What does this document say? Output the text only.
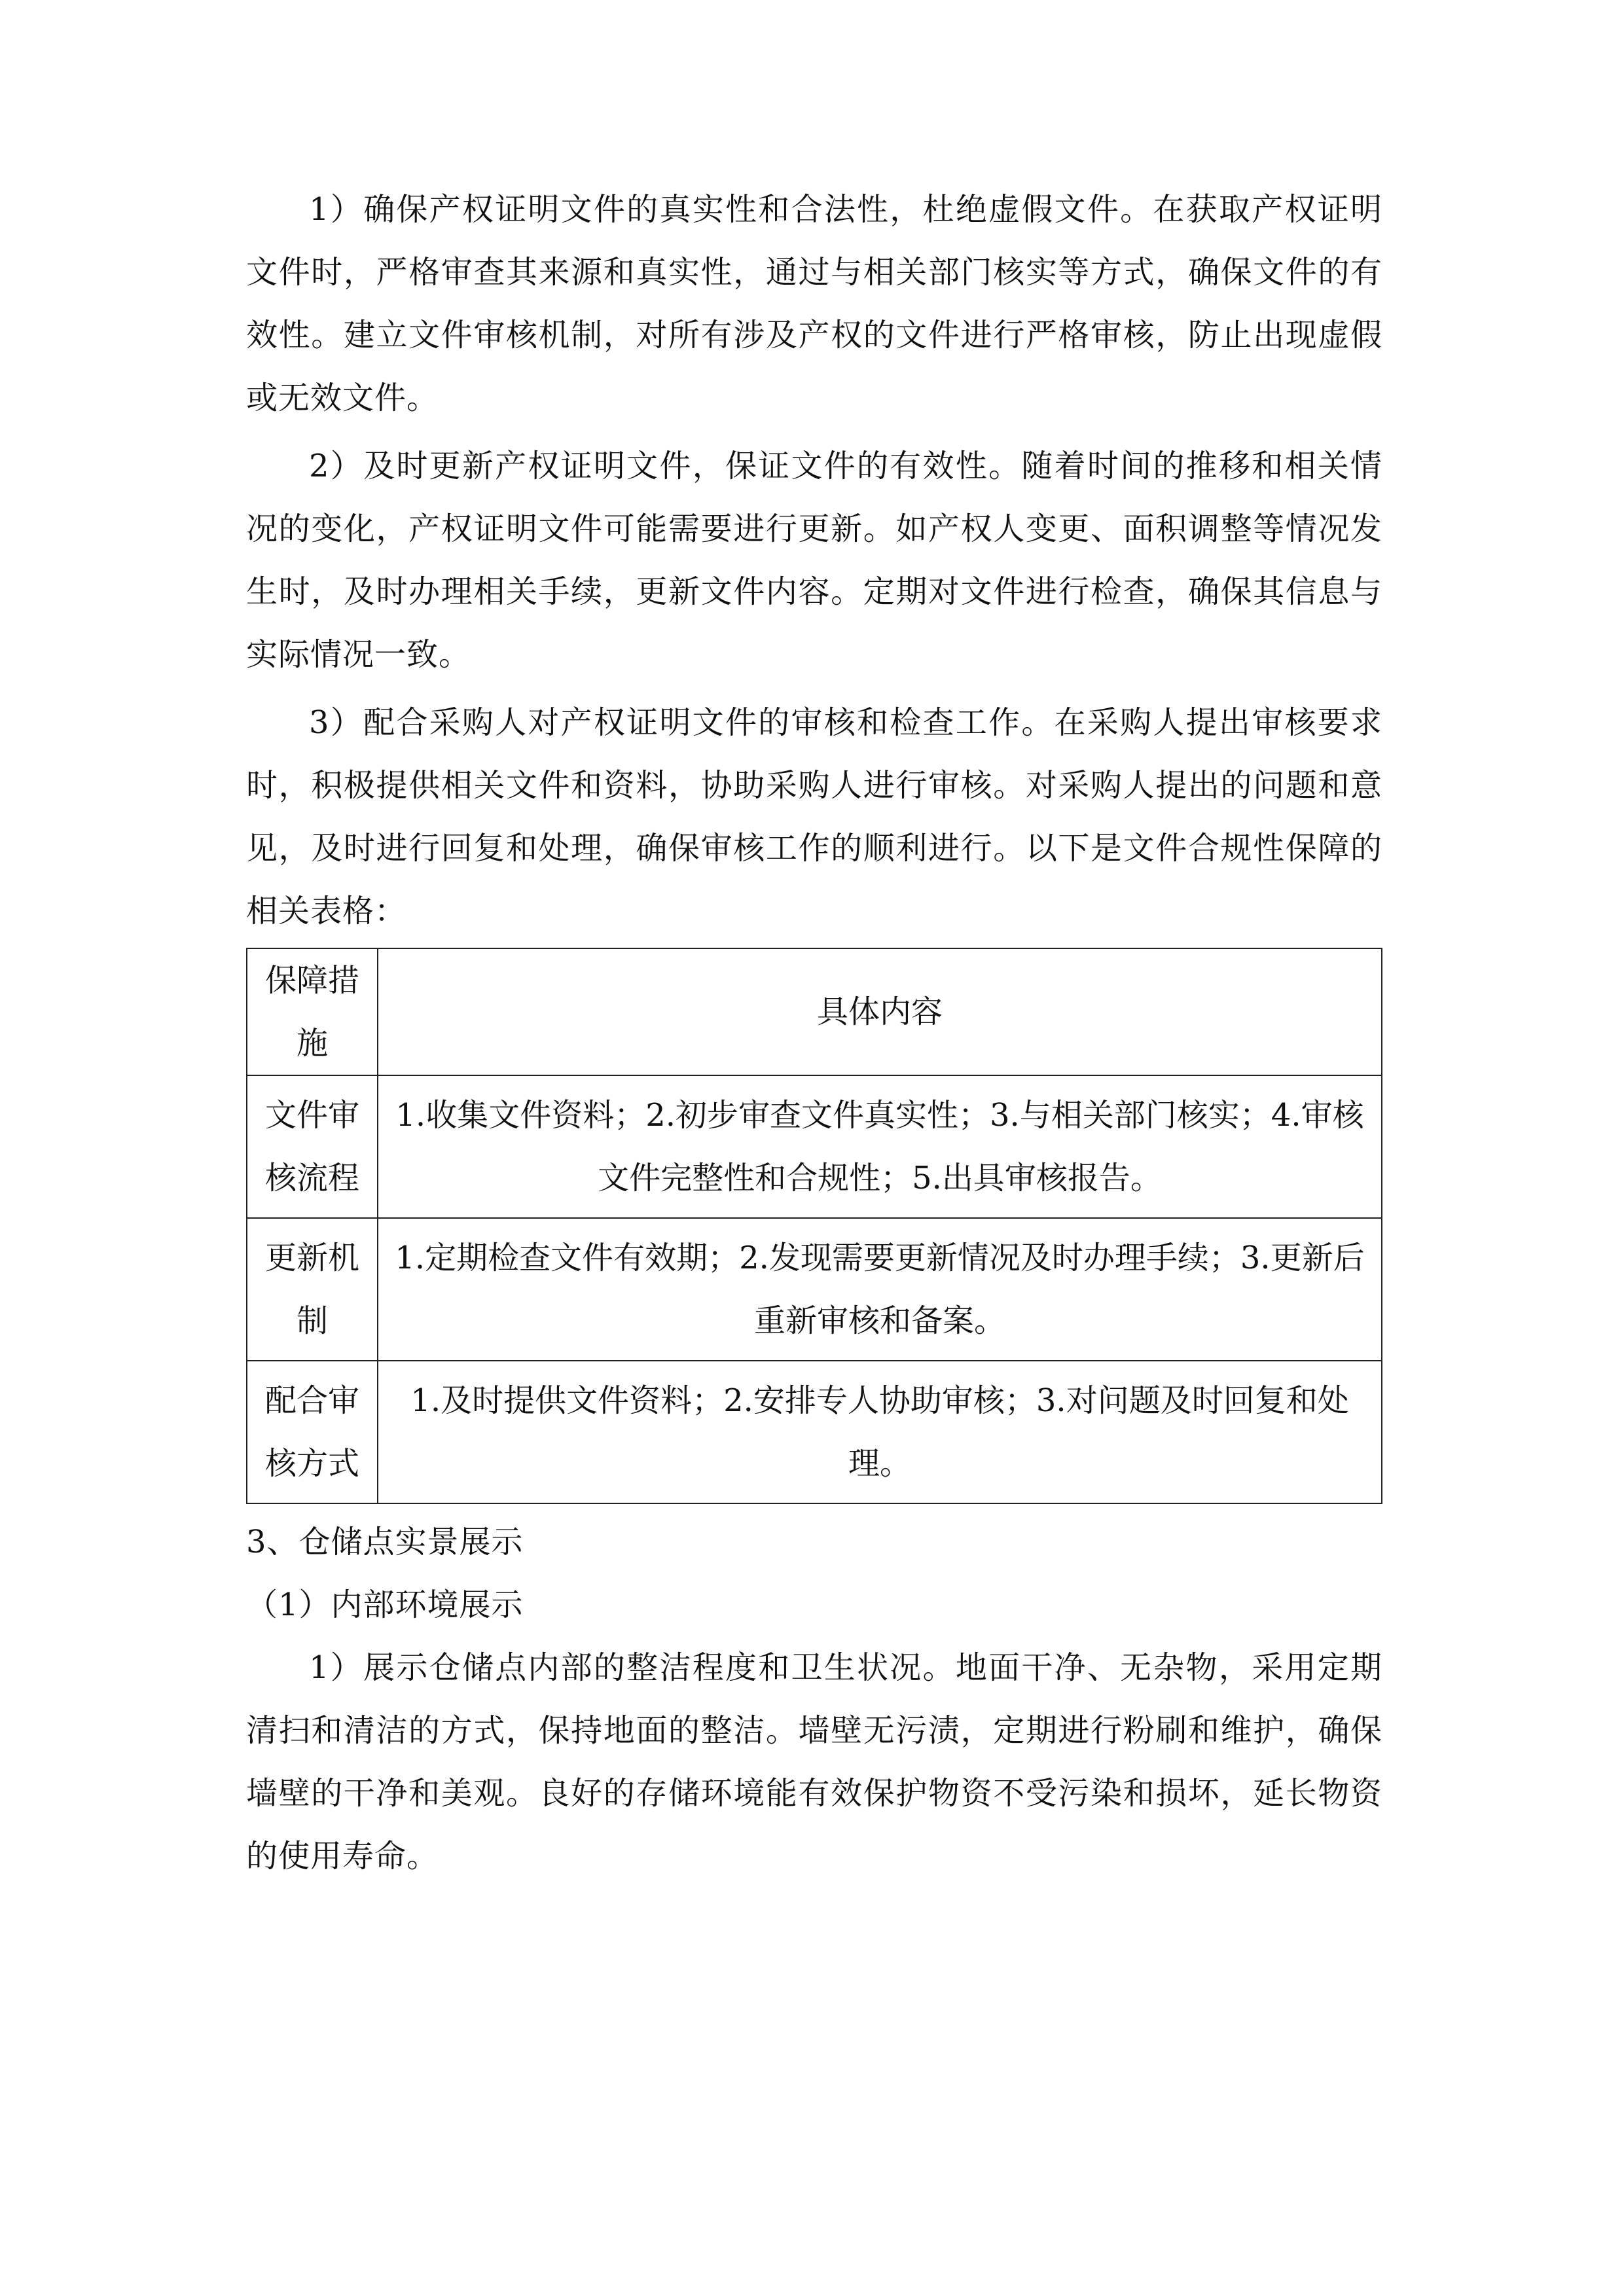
1）确保产权证明文件的真实性和合法性，杜绝虚假文件。在获取产权证明文件时，严格审查其来源和真实性，通过与相关部门核实等方式，确保文件的有效性。建立文件审核机制，对所有涉及产权的文件进行严格审核，防止出现虚假或无效文件。

2）及时更新产权证明文件，保证文件的有效性。随着时间的推移和相关情况的变化，产权证明文件可能需要进行更新。如产权人变更、面积调整等情况发生时，及时办理相关手续，更新文件内容。定期对文件进行检查，确保其信息与实际情况一致。

3）配合采购人对产权证明文件的审核和检查工作。在采购人提出审核要求时，积极提供相关文件和资料，协助采购人进行审核。对采购人提出的问题和意见，及时进行回复和处理，确保审核工作的顺利进行。以下是文件合规性保障的相关表格：

保障措施	具体内容
文件审核流程	1.收集文件资料；2.初步审查文件真实性；3.与相关部门核实；4.审核文件完整性和合规性；5.出具审核报告。
更新机制	1.定期检查文件有效期；2.发现需要更新情况及时办理手续；3.更新后重新审核和备案。
配合审核方式	1.及时提供文件资料；2.安排专人协助审核；3.对问题及时回复和处理。

3、仓储点实景展示

（1）内部环境展示

1）展示仓储点内部的整洁程度和卫生状况。地面干净、无杂物，采用定期清扫和清洁的方式，保持地面的整洁。墙壁无污渍，定期进行粉刷和维护，确保墙壁的干净和美观。良好的存储环境能有效保护物资不受污染和损坏，延长物资的使用寿命。
